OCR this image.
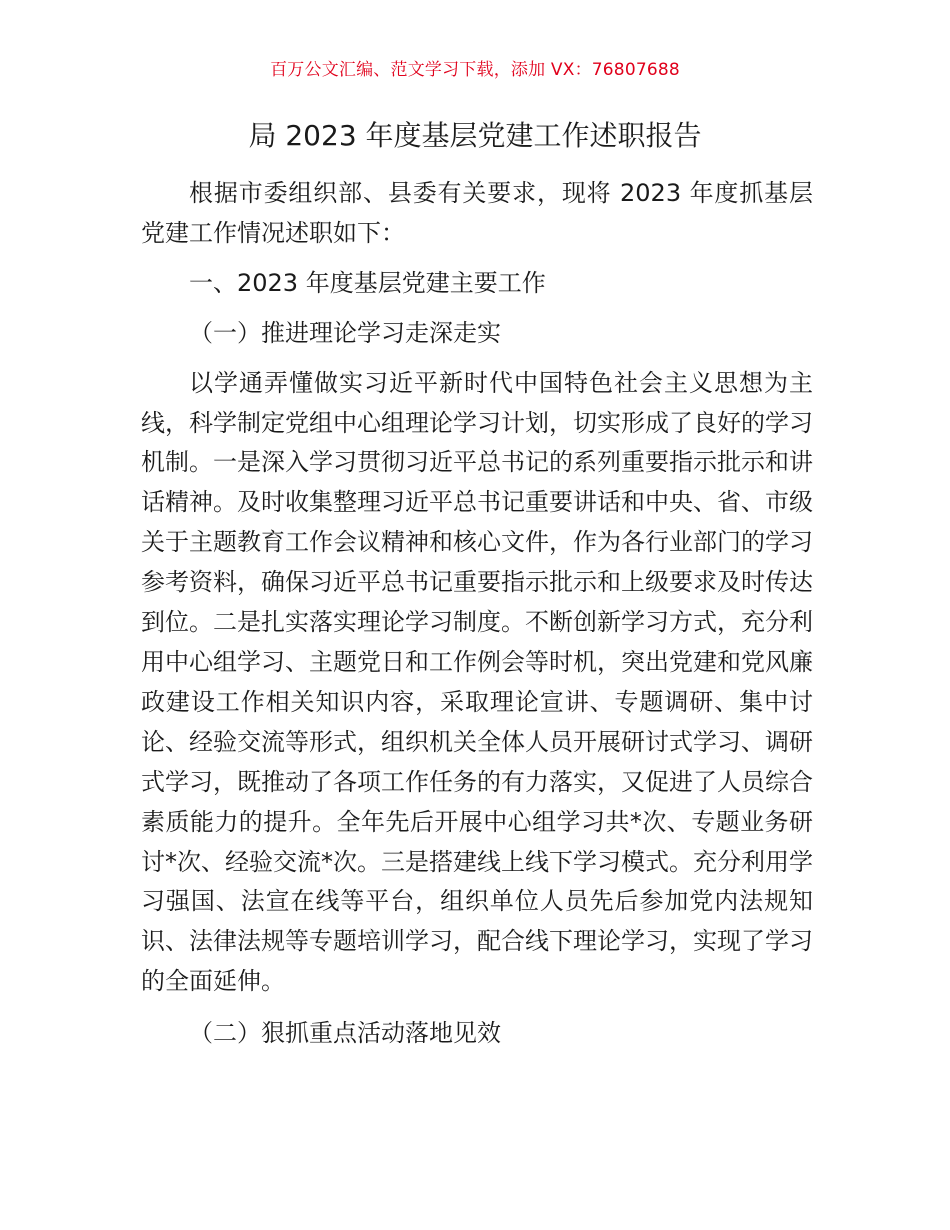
百万公文汇编、范文学习下载，添加 VX：76807688
局 2023 年度基层党建工作述职报告

根据市委组织部、县委有关要求，现将 2023 年度抓基层党建工作情况述职如下：

一、2023 年度基层党建主要工作

（一）推进理论学习走深走实

以学通弄懂做实习近平新时代中国特色社会主义思想为主线，科学制定党组中心组理论学习计划，切实形成了良好的学习机制。一是深入学习贯彻习近平总书记的系列重要指示批示和讲话精神。及时收集整理习近平总书记重要讲话和中央、省、市级关于主题教育工作会议精神和核心文件，作为各行业部门的学习参考资料，确保习近平总书记重要指示批示和上级要求及时传达到位。二是扎实落实理论学习制度。不断创新学习方式，充分利用中心组学习、主题党日和工作例会等时机，突出党建和党风廉政建设工作相关知识内容，采取理论宣讲、专题调研、集中讨论、经验交流等形式，组织机关全体人员开展研讨式学习、调研式学习，既推动了各项工作任务的有力落实，又促进了人员综合素质能力的提升。全年先后开展中心组学习共*次、专题业务研讨*次、经验交流*次。三是搭建线上线下学习模式。充分利用学习强国、法宣在线等平台，组织单位人员先后参加党内法规知识、法律法规等专题培训学习，配合线下理论学习，实现了学习的全面延伸。

（二）狠抓重点活动落地见效
